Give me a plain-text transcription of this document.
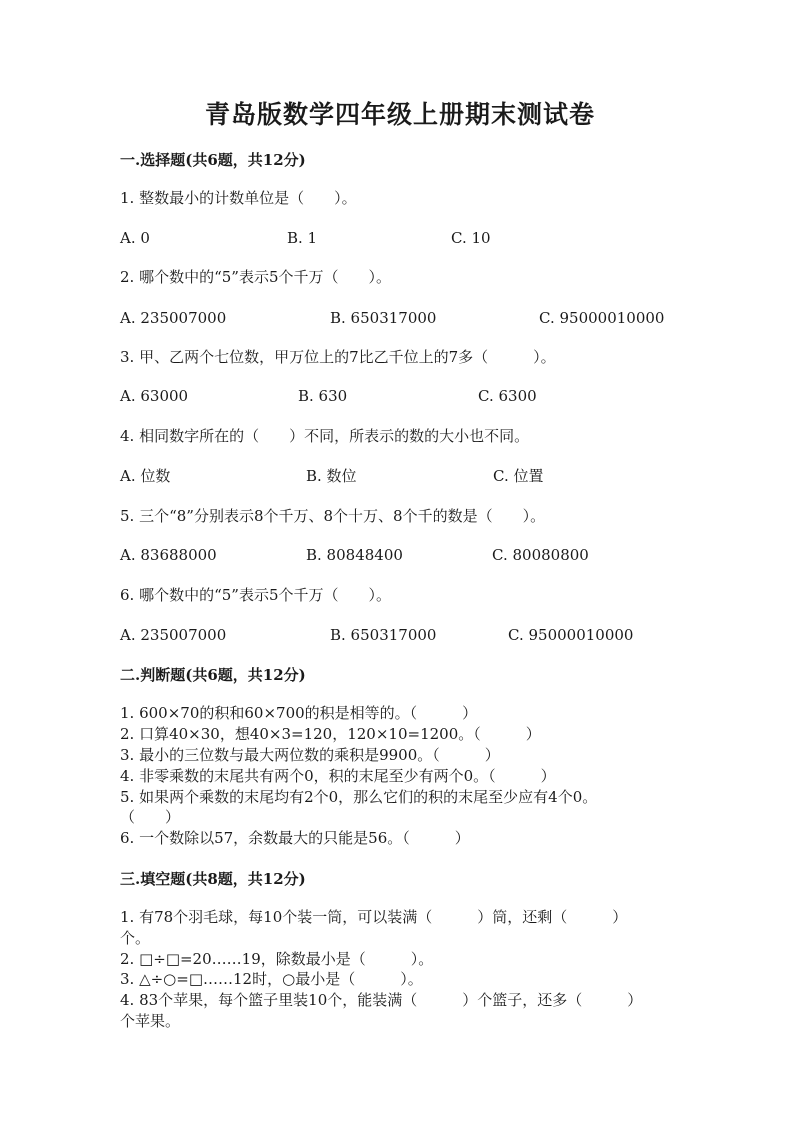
青岛版数学四年级上册期末测试卷
一.选择题(共6题，共12分)
1. 整数最小的计数单位是（　　）。
A. 0	B. 1	C. 10
2. 哪个数中的“5”表示5个千万（　　）。
A. 235007000	B. 650317000	C. 95000010000
3. 甲、乙两个七位数，甲万位上的7比乙千位上的7多（　　　）。
A. 63000	B. 630	C. 6300
4. 相同数字所在的（　　）不同，所表示的数的大小也不同。
A. 位数	B. 数位	C. 位置
5. 三个“8”分别表示8个千万、8个十万、8个千的数是（　　）。
A. 83688000	B. 80848400	C. 80080800
6. 哪个数中的“5”表示5个千万（　　）。
A. 235007000	B. 650317000	C. 95000010000
二.判断题(共6题，共12分)
1. 600×70的积和60×700的积是相等的。（　　　）
2. 口算40×30，想40×3=120，120×10=1200。（　　　）
3. 最小的三位数与最大两位数的乘积是9900。（　　　）
4. 非零乘数的末尾共有两个0，积的末尾至少有两个0。（　　　）
5. 如果两个乘数的末尾均有2个0，那么它们的积的末尾至少应有4个0。
（　　）
6. 一个数除以57，余数最大的只能是56。（　　　）
三.填空题(共8题，共12分)
1. 有78个羽毛球，每10个装一筒，可以装满（　　　）筒，还剩（　　　）
个。
2. □÷□=20……19，除数最小是（　　　）。
3. △÷○=□……12时，○最小是（　　　）。
4. 83个苹果，每个篮子里装10个，能装满（　　　）个篮子，还多（　　　）
个苹果。
